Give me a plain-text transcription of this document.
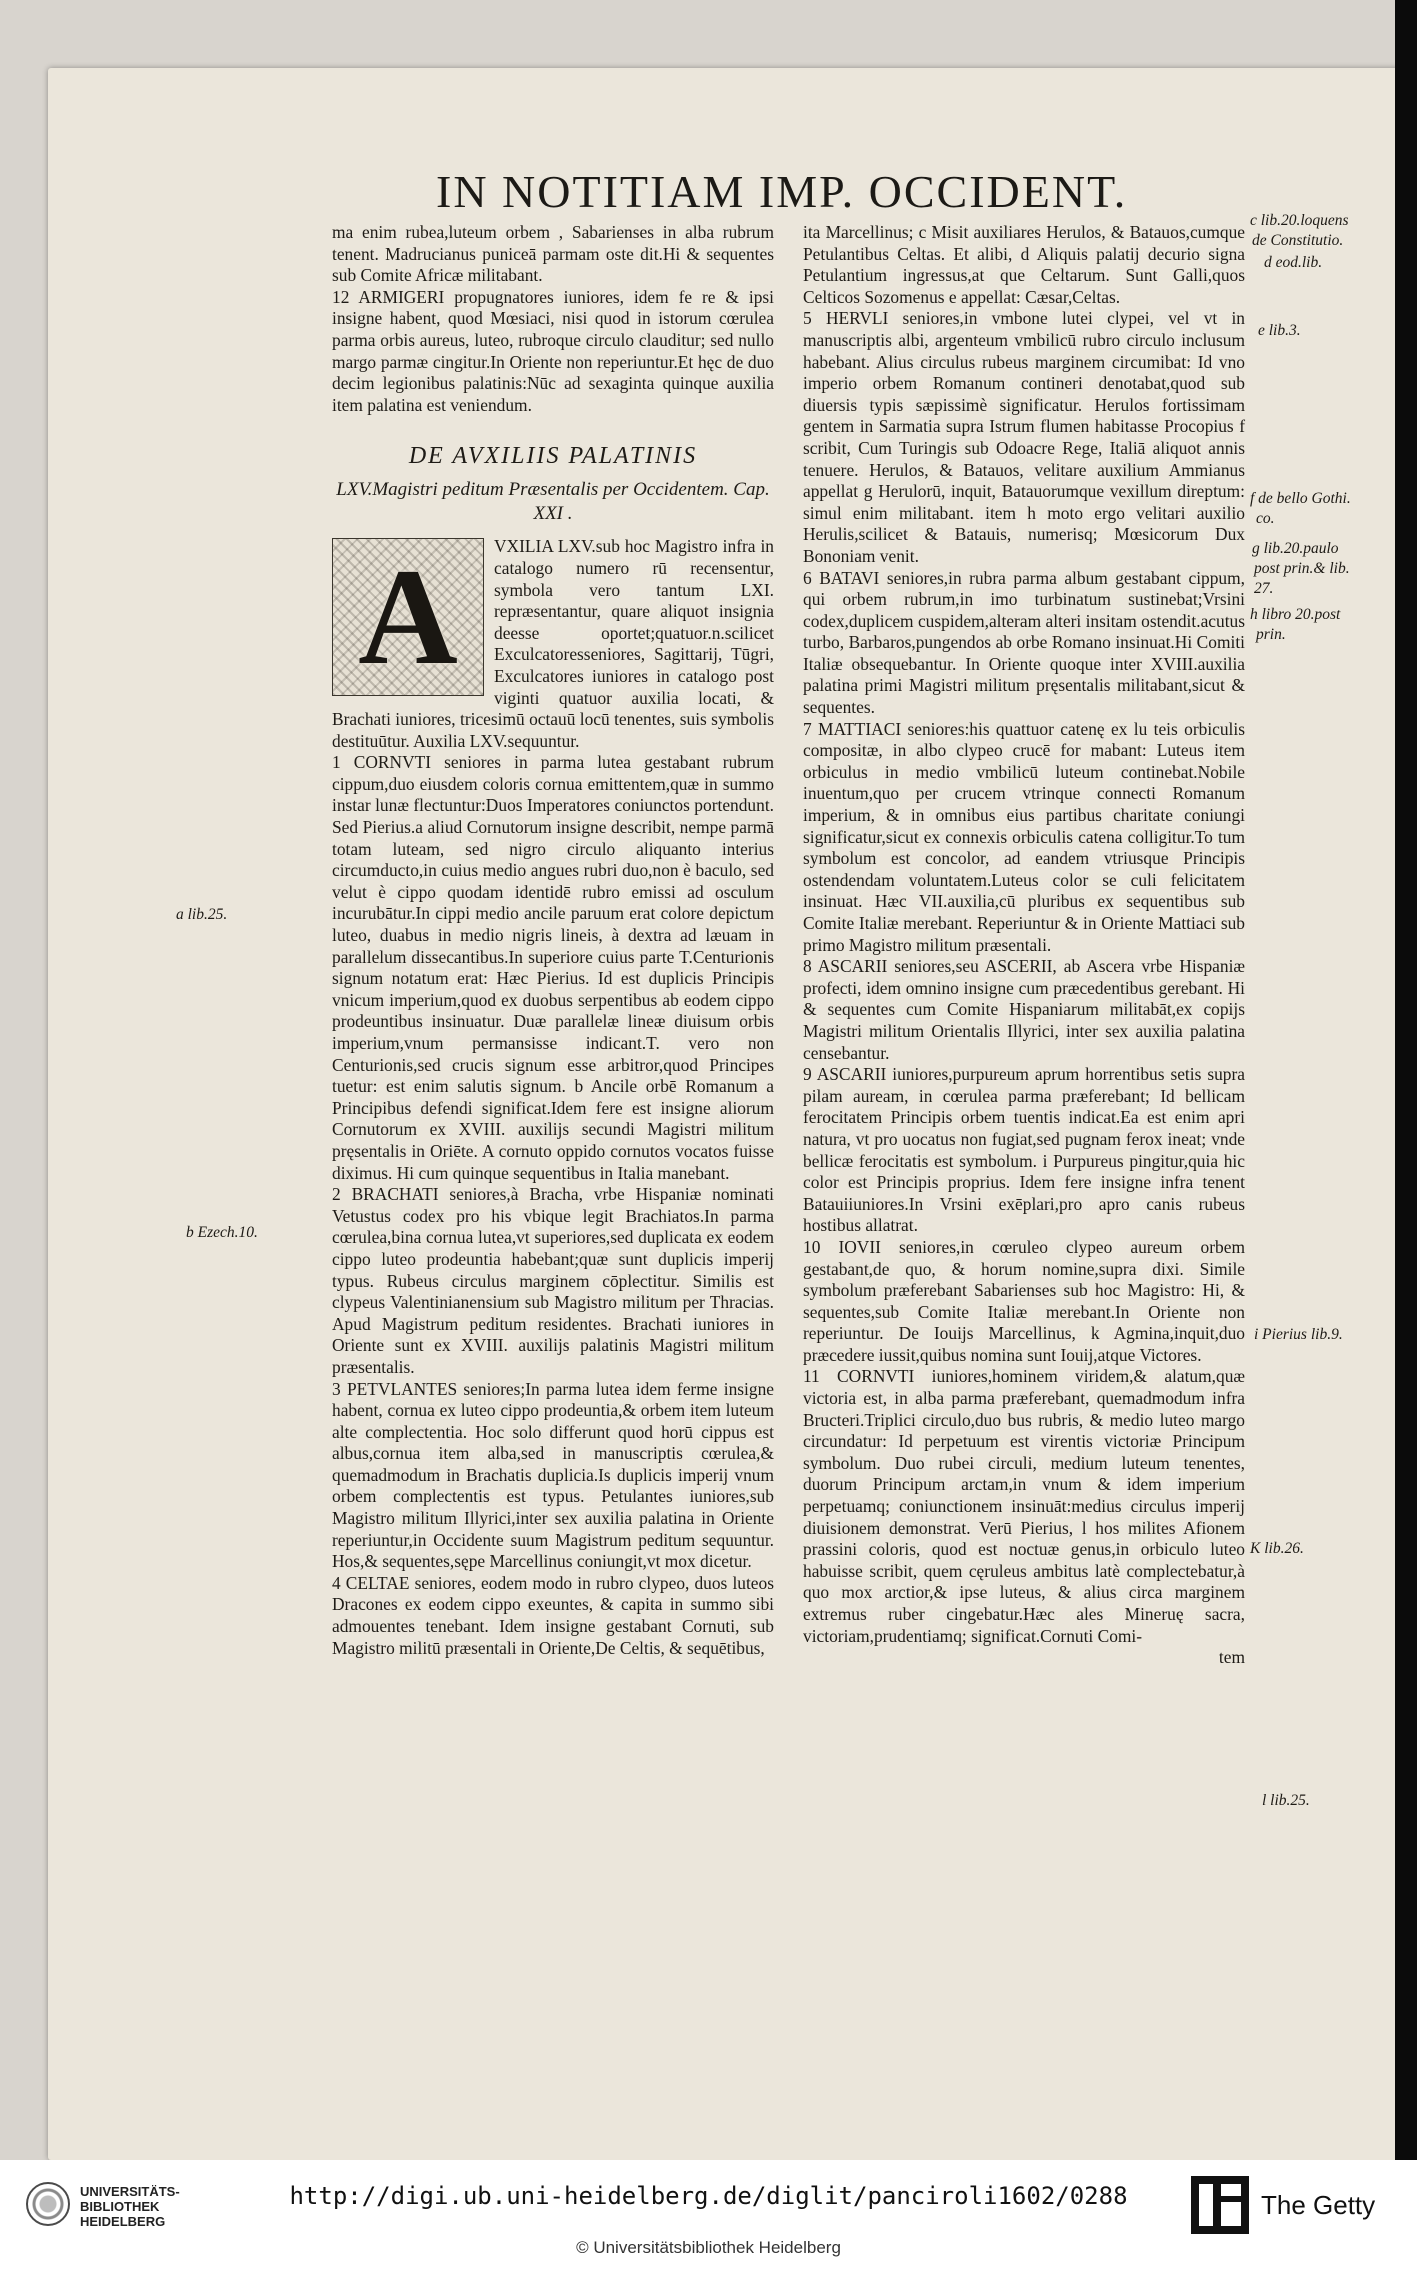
IN NOTITIAM IMP. OCCIDENT.

ma enim rubea,luteum orbem , Sabarienses in alba rubrum tenent. Madrucianus puniceā parmam oste dit.Hi & sequentes sub Comite Africæ militabant.

12 ARMIGERI propugnatores iuniores, idem fe re & ipsi insigne habent, quod Mœsiaci, nisi quod in istorum cœrulea parma orbis aureus, luteo, rubroque circulo clauditur; sed nullo margo parmæ cingitur.In Oriente non reperiuntur.Et hęc de duo decim legionibus palatinis:Nūc ad sexaginta quinque auxilia item palatina est veniendum.

DE AVXILIIS PALATINIS
LXV.Magistri peditum Præsentalis per Occidentem. Cap. XXI .
A	VXILIA LXV.sub hoc Magistro infra in catalogo numero rū recensentur, symbola vero tantum LXI. repræsentantur, quare aliquot insignia deesse oportet;quatuor.n.scilicet Exculcatoresseniores, Sagittarij, Tūgri, Exculcatores iuniores in catalogo post viginti quatuor auxilia locati, & Brachati iuniores, tricesimū octauū locū tenentes, suis symbolis destituūtur. Auxilia LXV.sequuntur.

1 CORNVTI seniores in parma lutea gestabant rubrum cippum,duo eiusdem coloris cornua emittentem,quæ in summo instar lunæ flectuntur:Duos Imperatores coniunctos portendunt. Sed Pierius.a aliud Cornutorum insigne describit, nempe parmā totam luteam, sed nigro circulo aliquanto interius circumducto,in cuius medio angues rubri duo,non è baculo, sed velut è cippo quodam identidē rubro emissi ad osculum incurubātur.In cippi medio ancile paruum erat colore depictum luteo, duabus in medio nigris lineis, à dextra ad læuam in parallelum dissecantibus.In superiore cuius parte T.Centurionis signum notatum erat: Hæc Pierius. Id est duplicis Principis vnicum imperium,quod ex duobus serpentibus ab eodem cippo prodeuntibus insinuatur. Duæ parallelæ lineæ diuisum orbis imperium,vnum permansisse indicant.T. vero non Centurionis,sed crucis signum esse arbitror,quod Principes tuetur: est enim salutis signum. b Ancile orbē Romanum a Principibus defendi significat.Idem fere est insigne aliorum Cornutorum ex XVIII. auxilijs secundi Magistri militum pręsentalis in Oriēte. A cornuto oppido cornutos vocatos fuisse diximus. Hi cum quinque sequentibus in Italia manebant.

2 BRACHATI seniores,à Bracha, vrbe Hispaniæ nominati Vetustus codex pro his vbique legit Brachiatos.In parma cœrulea,bina cornua lutea,vt superiores,sed duplicata ex eodem cippo luteo prodeuntia habebant;quæ sunt duplicis imperij typus. Rubeus circulus marginem cōplectitur. Similis est clypeus Valentinianensium sub Magistro militum per Thracias. Apud Magistrum peditum residentes. Brachati iuniores in Oriente sunt ex XVIII. auxilijs palatinis Magistri militum præsentalis.

3 PETVLANTES seniores;In parma lutea idem ferme insigne habent, cornua ex luteo cippo prodeuntia,& orbem item luteum alte complectentia. Hoc solo differunt quod horū cippus est albus,cornua item alba,sed in manuscriptis cœrulea,& quemadmodum in Brachatis duplicia.Is duplicis imperij vnum orbem complectentis est typus. Petulantes iuniores,sub Magistro militum Illyrici,inter sex auxilia palatina in Oriente reperiuntur,in Occidente suum Magistrum peditum sequuntur. Hos,& sequentes,sępe Marcellinus coniungit,vt mox dicetur.

4 CELTAE seniores, eodem modo in rubro clypeo, duos luteos Dracones ex eodem cippo exeuntes, & capita in summo sibi admouentes tenebant. Idem insigne gestabant Cornuti, sub Magistro militū præsentali in Oriente,De Celtis, & sequētibus,

a lib.25.
b Ezech.10.

ita Marcellinus; c Misit auxiliares Herulos, & Batauos,cumque Petulantibus Celtas. Et alibi, d Aliquis palatij decurio signa Petulantium ingressus,at que Celtarum. Sunt Galli,quos Celticos Sozomenus e appellat: Cæsar,Celtas.

5 HERVLI seniores,in vmbone lutei clypei, vel vt in manuscriptis albi, argenteum vmbilicū rubro circulo inclusum habebant. Alius circulus rubeus marginem circumibat: Id vno imperio orbem Romanum contineri denotabat,quod sub diuersis typis sæpissimè significatur. Herulos fortissimam gentem in Sarmatia supra Istrum flumen habitasse Procopius f scribit, Cum Turingis sub Odoacre Rege, Italiā aliquot annis tenuere. Herulos, & Batauos, velitare auxilium Ammianus appellat g Herulorū, inquit, Batauorumque vexillum direptum: simul enim militabant. item h moto ergo velitari auxilio Herulis,scilicet & Batauis, numerisq; Mœsicorum Dux Bononiam venit.

6 BATAVI seniores,in rubra parma album gestabant cippum, qui orbem rubrum,in imo turbinatum sustinebat;Vrsini codex,duplicem cuspidem,alteram alteri insitam ostendit.acutus turbo, Barbaros,pungendos ab orbe Romano insinuat.Hi Comiti Italiæ obsequebantur. In Oriente quoque inter XVIII.auxilia palatina primi Magistri militum pręsentalis militabant,sicut & sequentes.

7 MATTIACI seniores:his quattuor catenę ex lu teis orbiculis compositæ, in albo clypeo crucē for mabant: Luteus item orbiculus in medio vmbilicū luteum continebat.Nobile inuentum,quo per crucem vtrinque connecti Romanum imperium, & in omnibus eius partibus charitate coniungi significatur,sicut ex connexis orbiculis catena colligitur.To tum symbolum est concolor, ad eandem vtriusque Principis ostendendam voluntatem.Luteus color se culi felicitatem insinuat. Hæc VII.auxilia,cū pluribus ex sequentibus sub Comite Italiæ merebant. Reperiuntur & in Oriente Mattiaci sub primo Magistro militum præsentali.

8 ASCARII seniores,seu ASCERII, ab Ascera vrbe Hispaniæ profecti, idem omnino insigne cum præcedentibus gerebant. Hi & sequentes cum Comite Hispaniarum militabāt,ex copijs Magistri militum Orientalis Illyrici, inter sex auxilia palatina censebantur.

9 ASCARII iuniores,purpureum aprum horrentibus setis supra pilam auream, in cœrulea parma præferebant; Id bellicam ferocitatem Principis orbem tuentis indicat.Ea est enim apri natura, vt pro uocatus non fugiat,sed pugnam ferox ineat; vnde bellicæ ferocitatis est symbolum. i Purpureus pingitur,quia hic color est Principis proprius. Idem fere insigne infra tenent Batauiiuniores.In Vrsini exēplari,pro apro canis rubeus hostibus allatrat.

10 IOVII seniores,in cœruleo clypeo aureum orbem gestabant,de quo, & horum nomine,supra dixi. Simile symbolum præferebant Sabarienses sub hoc Magistro: Hi, & sequentes,sub Comite Italiæ merebant.In Oriente non reperiuntur. De Iouijs Marcellinus, k Agmina,inquit,duo præcedere iussit,quibus nomina sunt Iouij,atque Victores.

11 CORNVTI iuniores,hominem viridem,& alatum,quæ victoria est, in alba parma præferebant, quemadmodum infra Bructeri.Triplici circulo,duo bus rubris, & medio luteo margo circundatur: Id perpetuum est virentis victoriæ Principum symbolum. Duo rubei circuli, medium luteum tenentes, duorum Principum arctam,in vnum & idem imperium perpetuamq; coniunctionem insinuāt:medius circulus imperij diuisionem demonstrat. Verū Pierius, l hos milites Afionem prassini coloris, quod est noctuæ genus,in orbiculo luteo habuisse scribit, quem cęruleus ambitus latè complectebatur,à quo mox arctior,& ipse luteus, & alius circa marginem extremus ruber cingebatur.Hæc ales Mineruę sacra, victoriam,prudentiamq; significat.Cornuti Comi-

tem

c lib.20.loquens
de Constitutio.
d eod.lib.
e lib.3.
f de bello Gothi.
co.
g lib.20.paulo
post prin.& lib.
27.
h libro 20.post
prin.
i Pierius lib.9.
K lib.26.
l lib.25.
UNIVERSITÄTS-
BIBLIOTHEK
HEIDELBERG
http://digi.ub.uni-heidelberg.de/diglit/panciroli1602/0288
© Universitätsbibliothek Heidelberg
The Getty
